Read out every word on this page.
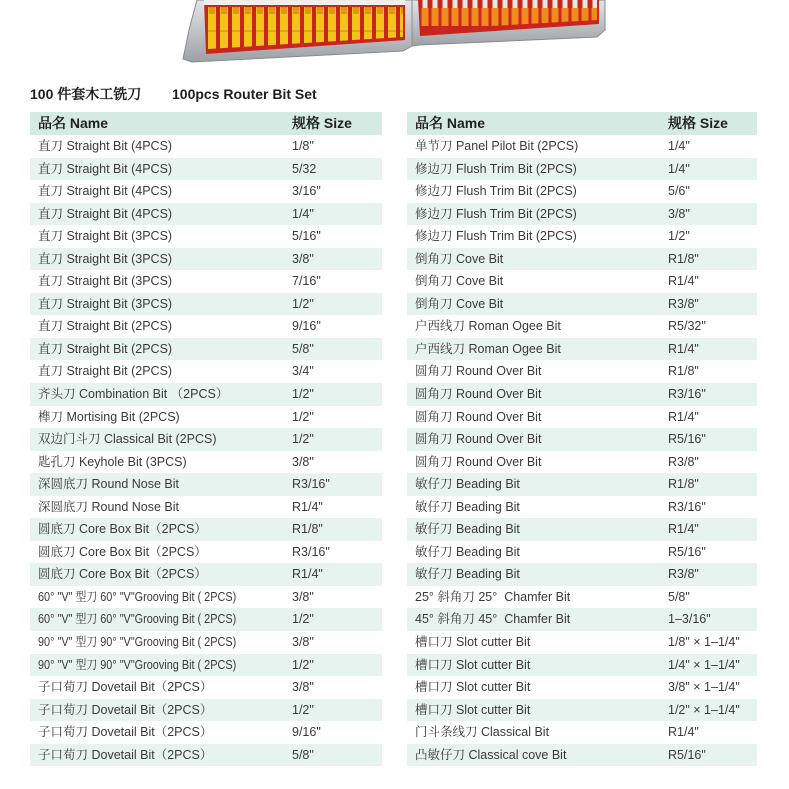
100 件套木工铣刀

100pcs Router Bit Set

品名 Name

	规格 Size

直刀 Straight Bit (4PCS)	1/8"
直刀 Straight Bit (4PCS)	5/32
直刀 Straight Bit (4PCS)	3/16"
直刀 Straight Bit (4PCS)	1/4"
直刀 Straight Bit (3PCS)	5/16"
直刀 Straight Bit (3PCS)	3/8"
直刀 Straight Bit (3PCS)	7/16"
直刀 Straight Bit (3PCS)	1/2"
直刀 Straight Bit (2PCS)	9/16"
直刀 Straight Bit (2PCS)	5/8"
直刀 Straight Bit (2PCS)	3/4"
齐头刀 Combination Bit （2PCS）	1/2"
榫刀 Mortising Bit (2PCS)	1/2"
双边门斗刀 Classical Bit (2PCS)	1/2"
匙孔刀 Keyhole Bit (3PCS)	3/8"
深圆底刀 Round Nose Bit	R3/16"
深圆底刀 Round Nose Bit	R1/4"
圆底刀 Core Box Bit（2PCS）	R1/8"
圆底刀 Core Box Bit（2PCS）	R3/16"
圆底刀 Core Box Bit（2PCS）	R1/4"
60° "V" 型刀 60° "V"Grooving Bit ( 2PCS)	3/8"
60° "V" 型刀 60° "V"Grooving Bit ( 2PCS)	1/2"
90° "V" 型刀 90° "V"Grooving Bit ( 2PCS)	3/8"
90° "V" 型刀 90° "V"Grooving Bit ( 2PCS)	1/2"
子口荀刀 Dovetail Bit（2PCS）	3/8"
子口荀刀 Dovetail Bit（2PCS）	1/2"
子口荀刀 Dovetail Bit（2PCS）	9/16"
子口荀刀 Dovetail Bit（2PCS）	5/8"

品名 Name

	规格 Size

单节刀 Panel Pilot Bit (2PCS)	1/4"
修边刀 Flush Trim Bit (2PCS)	1/4"
修边刀 Flush Trim Bit (2PCS)	5/6"
修边刀 Flush Trim Bit (2PCS)	3/8"
修边刀 Flush Trim Bit (2PCS)	1/2"
倒角刀 Cove Bit	R1/8"
倒角刀 Cove Bit	R1/4"
倒角刀 Cove Bit	R3/8"
户西线刀 Roman Ogee Bit	R5/32"
户西线刀 Roman Ogee Bit	R1/4"
圆角刀 Round Over Bit	R1/8"
圆角刀 Round Over Bit	R3/16"
圆角刀 Round Over Bit	R1/4"
圆角刀 Round Over Bit	R5/16"
圆角刀 Round Over Bit	R3/8"
敏仔刀 Beading Bit	R1/8"
敏仔刀 Beading Bit	R3/16"
敏仔刀 Beading Bit	R1/4"
敏仔刀 Beading Bit	R5/16"
敏仔刀 Beading Bit	R3/8"
25° 斜角刀 25°  Chamfer Bit	5/8"
45° 斜角刀 45°  Chamfer Bit	1–3/16"
槽口刀 Slot cutter Bit	1/8" × 1–1/4"
槽口刀 Slot cutter Bit	1/4" × 1–1/4"
槽口刀 Slot cutter Bit	3/8" × 1–1/4"
槽口刀 Slot cutter Bit	1/2" × 1–1/4"
门斗条线刀 Classical Bit	R1/4"
凸敏仔刀 Classical cove Bit	R5/16"
